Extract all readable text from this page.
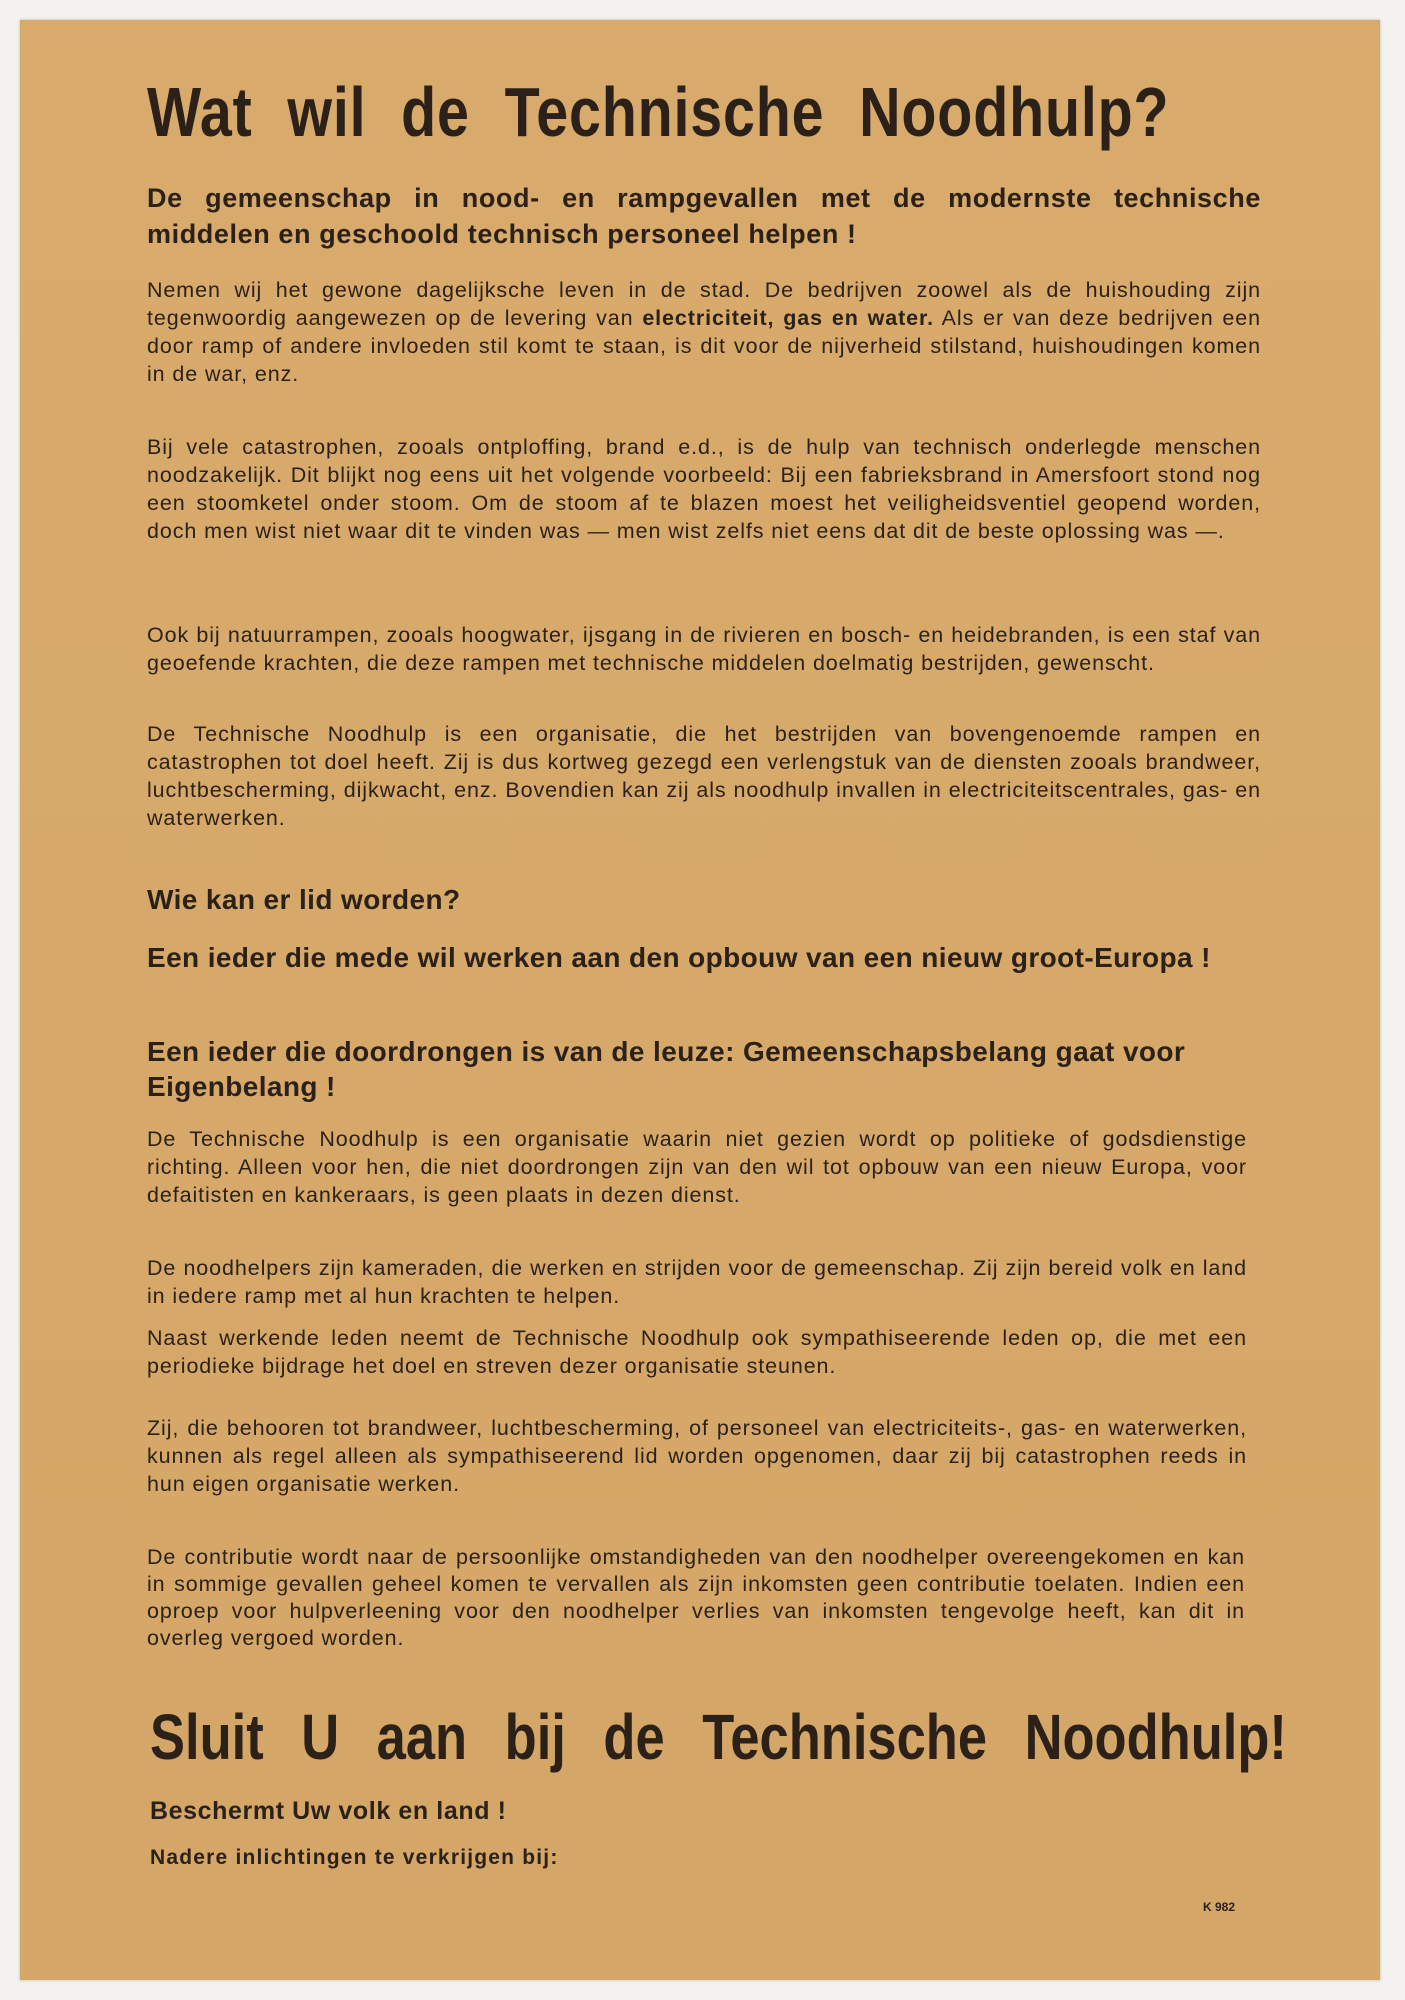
Wat wil de Technische Noodhulp?
De gemeenschap in nood- en rampgevallen met de modernste technische middelen en geschoold technisch personeel helpen !
Nemen wij het gewone dagelijksche leven in de stad. De bedrijven zoowel als de huishouding zijn tegenwoordig aangewezen op de levering van electriciteit, gas en water. Als er van deze bedrijven een door ramp of andere invloeden stil komt te staan, is dit voor de nijverheid stilstand, huishoudingen komen in de war, enz.
Bij vele catastrophen, zooals ontploffing, brand e.d., is de hulp van technisch onderlegde menschen noodzakelijk. Dit blijkt nog eens uit het volgende voorbeeld: Bij een fabrieksbrand in Amersfoort stond nog een stoomketel onder stoom. Om de stoom af te blazen moest het veiligheidsventiel geopend worden, doch men wist niet waar dit te vinden was — men wist zelfs niet eens dat dit de beste oplossing was —.
Ook bij natuurrampen, zooals hoogwater, ijsgang in de rivieren en bosch- en heidebranden, is een staf van geoefende krachten, die deze rampen met technische middelen doelmatig bestrijden, gewenscht.
De Technische Noodhulp is een organisatie, die het bestrijden van bovengenoemde rampen en catastrophen tot doel heeft. Zij is dus kortweg gezegd een verlengstuk van de diensten zooals brandweer, luchtbescherming, dijkwacht, enz. Bovendien kan zij als noodhulp invallen in electriciteitscentrales, gas- en waterwerken.
Wie kan er lid worden?
Een ieder die mede wil werken aan den opbouw van een nieuw groot-Europa !
Een ieder die doordrongen is van de leuze: Gemeenschapsbelang gaat voor Eigenbelang !
De Technische Noodhulp is een organisatie waarin niet gezien wordt op politieke of godsdienstige richting. Alleen voor hen, die niet doordrongen zijn van den wil tot opbouw van een nieuw Europa, voor defaitisten en kankeraars, is geen plaats in dezen dienst.
De noodhelpers zijn kameraden, die werken en strijden voor de gemeenschap. Zij zijn bereid volk en land in iedere ramp met al hun krachten te helpen.
Naast werkende leden neemt de Technische Noodhulp ook sympathiseerende leden op, die met een periodieke bijdrage het doel en streven dezer organisatie steunen.
Zij, die behooren tot brandweer, luchtbescherming, of personeel van electriciteits-, gas- en waterwerken, kunnen als regel alleen als sympathiseerend lid worden opgenomen, daar zij bij catastrophen reeds in hun eigen organisatie werken.
De contributie wordt naar de persoonlijke omstandigheden van den noodhelper overeengekomen en kan in sommige gevallen geheel komen te vervallen als zijn inkomsten geen contributie toelaten. Indien een oproep voor hulpverleening voor den noodhelper verlies van inkomsten tengevolge heeft, kan dit in overleg vergoed worden.
Sluit U aan bij de Technische Noodhulp!
Beschermt Uw volk en land !
Nadere inlichtingen te verkrijgen bij:
K 982
